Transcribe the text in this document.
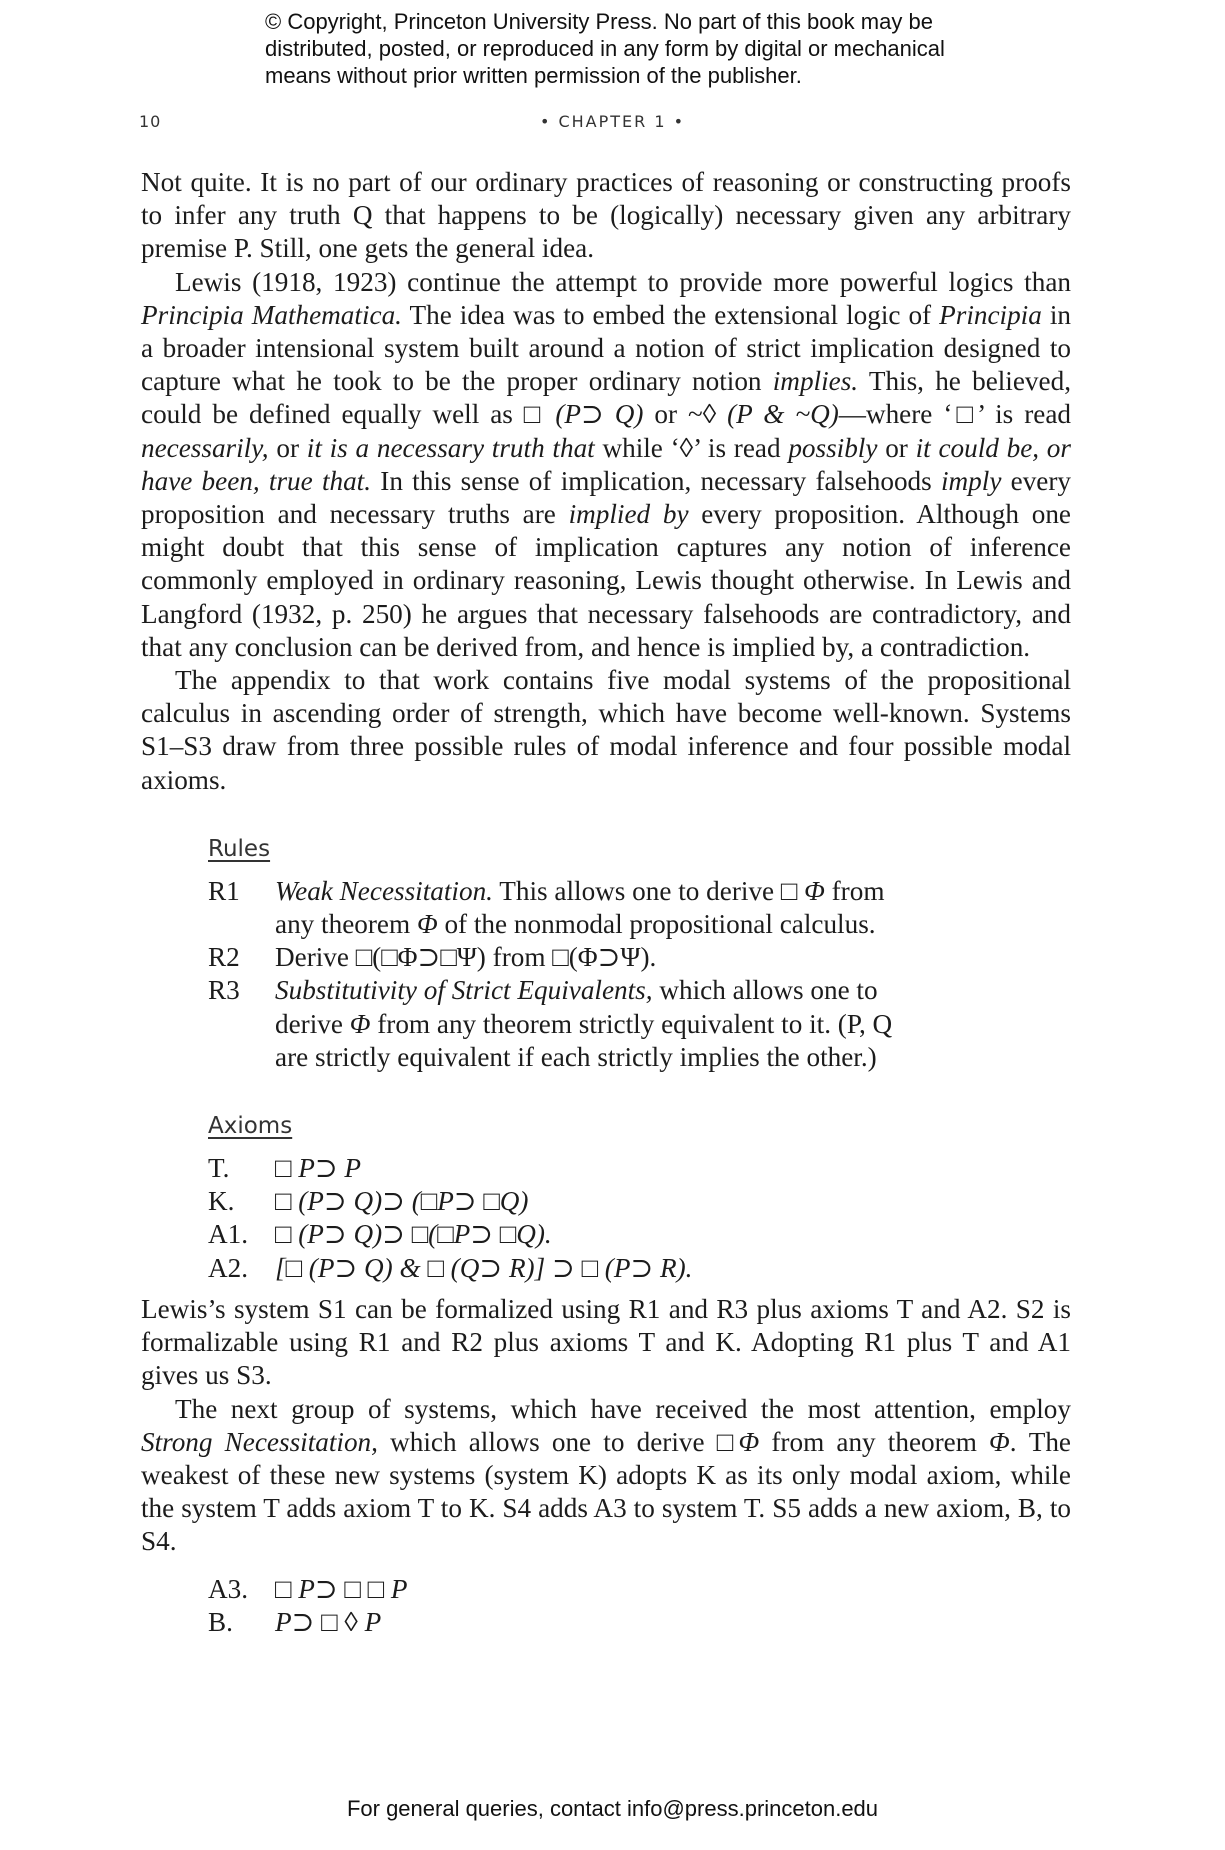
© Copyright, Princeton University Press. No part of this book may be
distributed, posted, or reproduced in any form by digital or mechanical
means without prior written permission of the publisher.
10	• CHAPTER 1 •

Not quite. It is no part of our ordinary practices of reasoning or constructing proofs to infer any truth Q that happens to be (logically) necessary given any arbitrary premise P. Still, one gets the general idea.

Lewis (1918, 1923) continue the attempt to provide more powerful logics than Principia Mathematica. The idea was to embed the extensional logic of Principia in a broader intensional system built around a notion of strict implication designed to capture what he took to be the proper ordinary notion implies. This, he believed, could be defined equally well as □ (P⊃ Q) or ~◊ (P & ~Q)—where ‘□’ is read necessarily, or it is a necessary truth that while ‘◊’ is read possibly or it could be, or have been, true that. In this sense of implication, necessary falsehoods imply every proposition and necessary truths are implied by every proposition. Although one might doubt that this sense of implication captures any notion of inference commonly employed in ordinary reasoning, Lewis thought otherwise. In Lewis and Langford (1932, p. 250) he argues that necessary falsehoods are contradictory, and that any conclusion can be derived from, and hence is implied by, a contradiction.

The appendix to that work contains five modal systems of the propositional calculus in ascending order of strength, which have become well-known. Systems S1–S3 draw from three possible rules of modal inference and four possible modal axioms.

Rules
R1	Weak Necessitation. This allows one to derive □ Φ from any theorem Φ of the nonmodal propositional calculus.
R2	Derive □(□Φ⊃□Ψ) from □(Φ⊃Ψ).
R3	Substitutivity of Strict Equivalents, which allows one to derive Φ from any theorem strictly equivalent to it. (P, Q are strictly equivalent if each strictly implies the other.)
Axioms
T.	□ P⊃ P
K.	□ (P⊃ Q)⊃ (□P⊃ □Q)
A1. □ (P⊃ Q)⊃ □(□P⊃ □Q).
A2. [□ (P⊃ Q) & □ (Q⊃ R)] ⊃ □ (P⊃ R).

Lewis’s system S1 can be formalized using R1 and R3 plus axioms T and A2. S2 is formalizable using R1 and R2 plus axioms T and K. Adopting R1 plus T and A1 gives us S3.

The next group of systems, which have received the most attention, employ Strong Necessitation, which allows one to derive □Φ from any theorem Φ. The weakest of these new systems (system K) adopts K as its only modal axiom, while the system T adds axiom T to K. S4 adds A3 to system T. S5 adds a new axiom, B, to S4.

A3. □ P⊃ □ □ P
B.	P⊃ □ ◊ P
For general queries, contact info@press.princeton.edu
